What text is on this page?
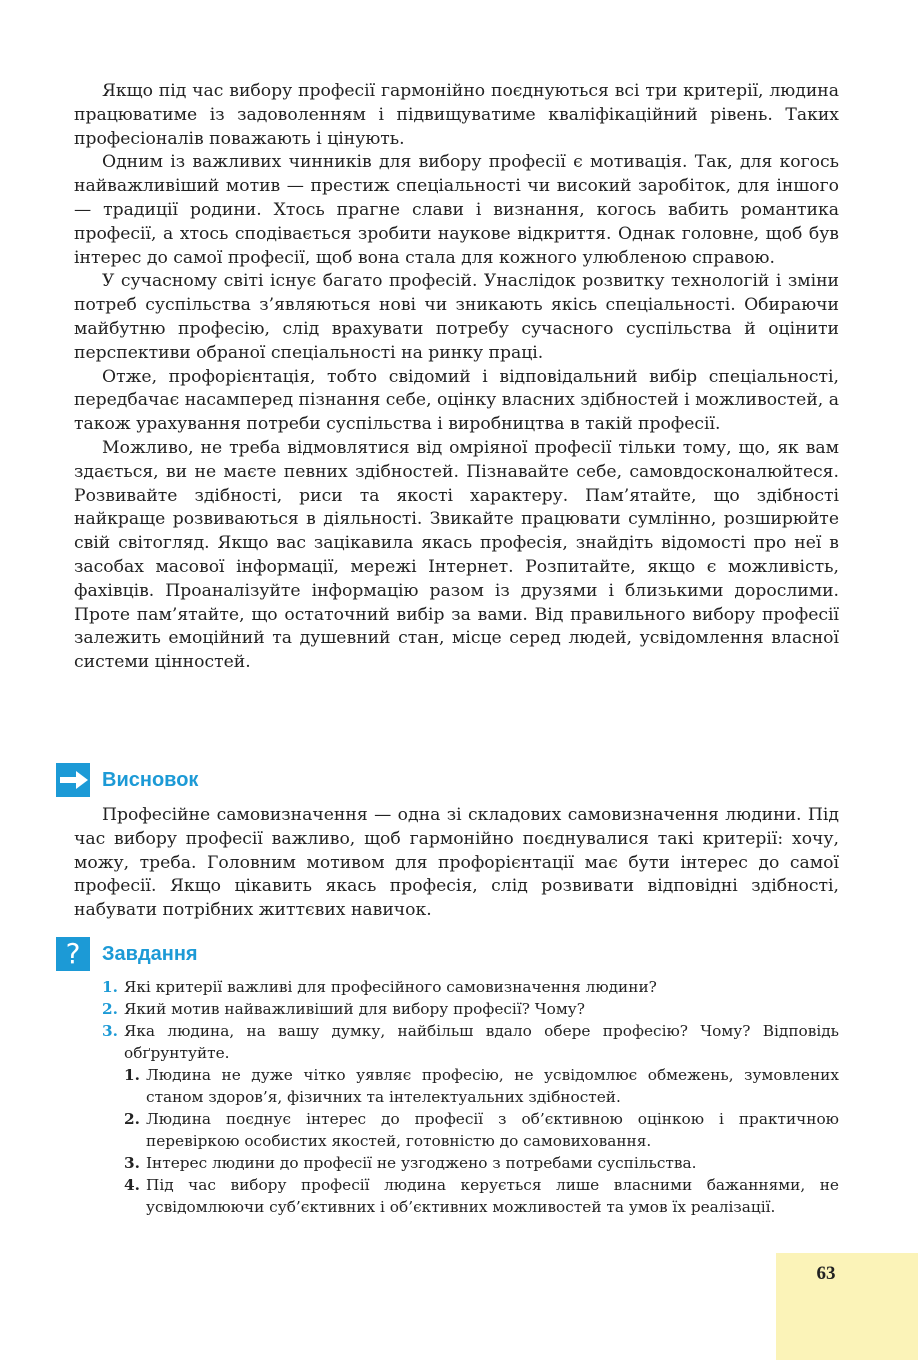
Якщо під час вибору професії гармонійно поєднуються всі три критерії, людина працюватиме із задоволенням і підвищуватиме кваліфікаційний рівень. Таких професіоналів поважають і цінують.

Одним із важливих чинників для вибору професії є мотивація. Так, для когось найважливіший мотив — престиж спеціальності чи високий заробіток, для іншого — традиції родини. Хтось прагне слави і визнання, когось вабить романтика професії, а хтось сподівається зробити наукове відкриття. Однак головне, щоб був інтерес до самої професії, щоб вона стала для кожного улюбленою справою.

У сучасному світі існує багато професій. Унаслідок розвитку технологій і зміни потреб суспільства з’являються нові чи зникають якісь спеціальності. Обираючи майбутню професію, слід врахувати потребу сучасного суспільства й оцінити перспективи обраної спеціальності на ринку праці.

Отже, профорієнтація, тобто свідомий і відповідальний вибір спеціальності, передбачає насамперед пізнання себе, оцінку власних здібностей і можливостей, а також урахування потреби суспільства і виробництва в такій професії.

Можливо, не треба відмовлятися від омріяної професії тільки тому, що, як вам здається, ви не маєте певних здібностей. Пізнавайте себе, самовдосконалюйтеся. Розвивайте здібності, риси та якості характеру. Пам’ятайте, що здібності найкраще розвиваються в діяльності. Звикайте працювати сумлінно, розширюйте свій світогляд. Якщо вас зацікавила якась професія, знайдіть відомості про неї в засобах масової інформації, мережі Інтернет. Розпитайте, якщо є можливість, фахівців. Проаналізуйте інформацію разом із друзями і близькими дорослими. Проте пам’ятайте, що остаточний вибір за вами. Від правильного вибору професії залежить емоційний та душевний стан, місце серед людей, усвідомлення власної системи цінностей.

Висновок

Професійне самовизначення — одна зі складових самовизначення людини. Під час вибору професії важливо, щоб гармонійно поєднувалися такі критерії: хочу, можу, треба. Головним мотивом для профорієнтації має бути інтерес до самої професії. Якщо цікавить якась професія, слід розвивати відповідні здібності, набувати потрібних життєвих навичок.

?	Завдання
1. Які критерії важливі для професійного самовизначення людини?
2. Який мотив найважливіший для вибору професії? Чому?
3. Яка людина, на вашу думку, найбільш вдало обере професію? Чому? Відповідь обґрунтуйте.
1. Людина не дуже чітко уявляє професію, не усвідомлює обмежень, зумовлених станом здоров’я, фізичних та інтелектуальних здібностей.
2. Людина поєднує інтерес до професії з об’єктивною оцінкою і практичною перевіркою особистих якостей, готовністю до самовиховання.
3. Інтерес людини до професії не узгоджено з потребами суспільства.
4. Під час вибору професії людина керується лише власними бажаннями, не усвідомлюючи суб’єктивних і об’єктивних можливостей та умов їх реалізації.
63
